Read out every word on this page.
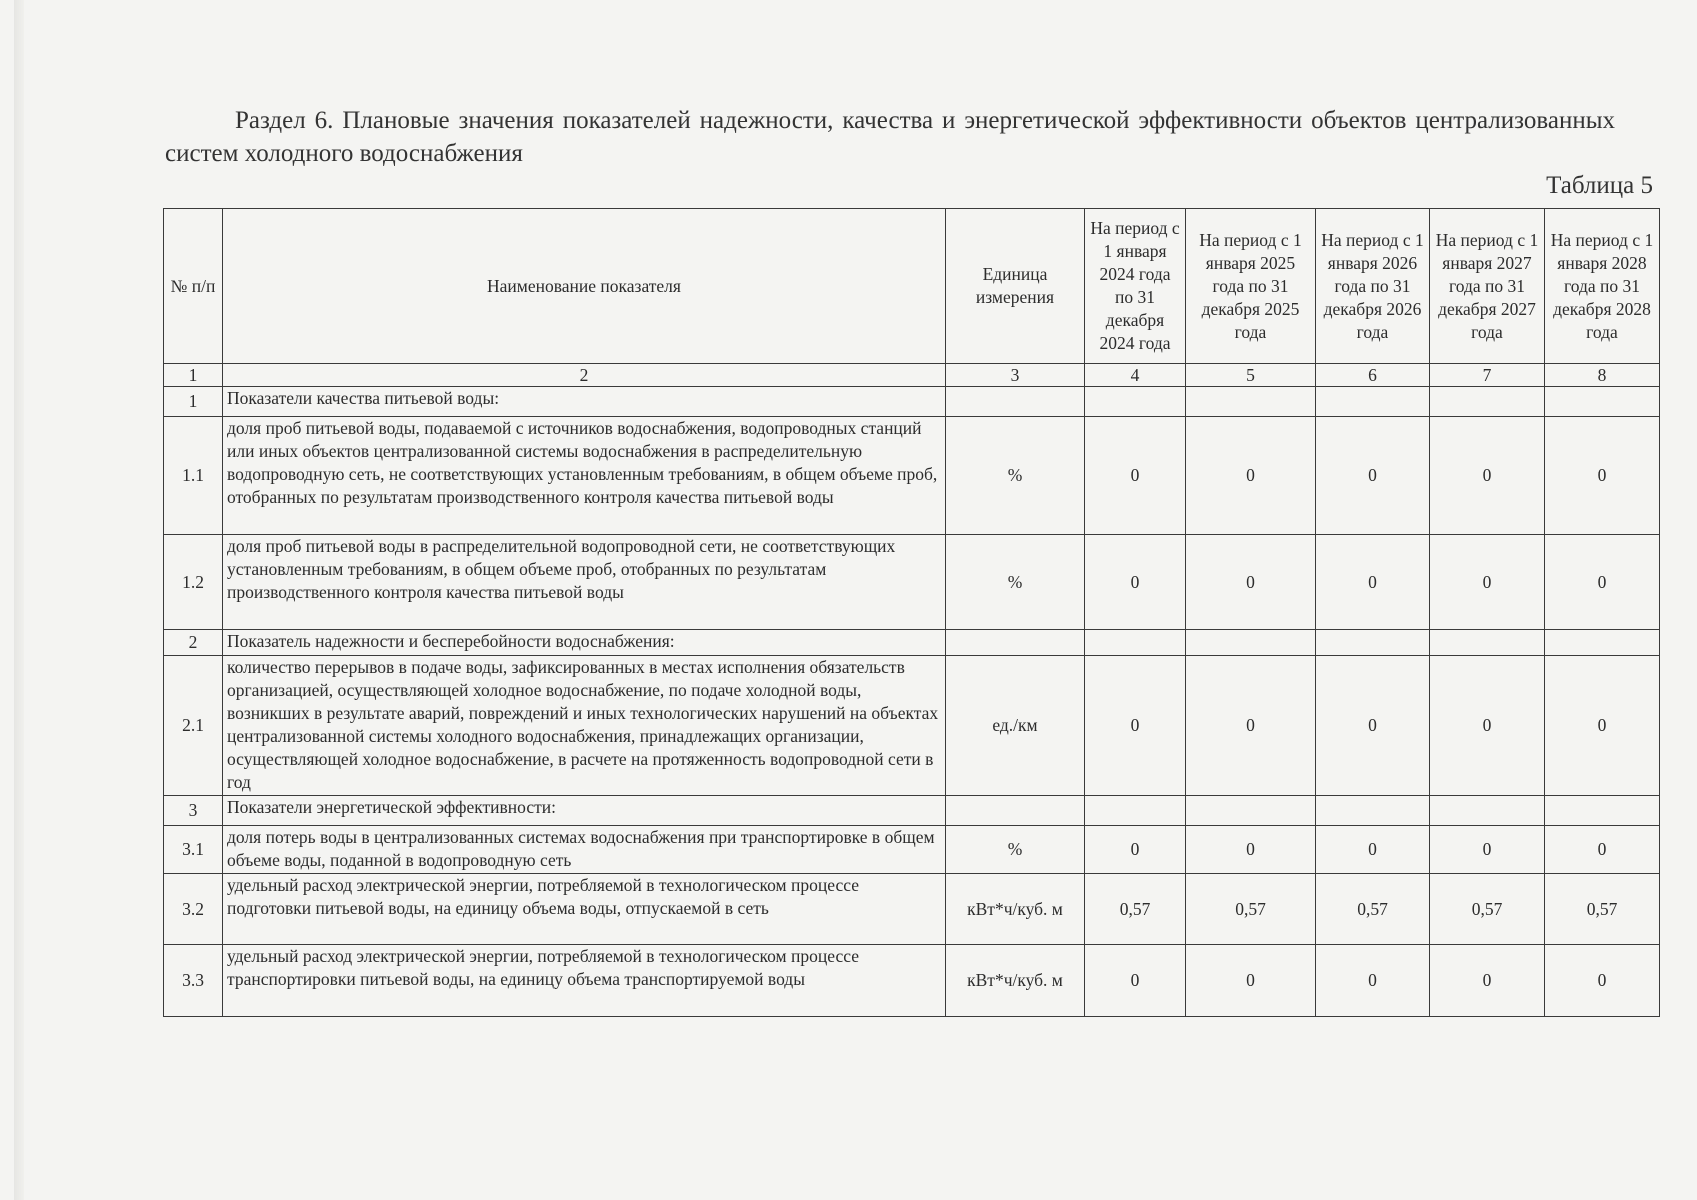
Раздел 6. Плановые значения показателей надежности, качества и энергетической эффективности объектов централизованных систем холодного водоснабжения
Таблица 5
№ п/п	Наименование показателя	Единица измерения	На период с 1 января 2024 года по 31 декабря 2024 года	На период с 1 января 2025 года по 31 декабря 2025 года	На период с 1 января 2026 года по 31 декабря 2026 года	На период с 1 января 2027 года по 31 декабря 2027 года	На период с 1 января 2028 года по 31 декабря 2028 года
1	2	3	4	5	6	7	8
1	Показатели качества питьевой воды:						
1.1	доля проб питьевой воды, подаваемой с источников водоснабжения, водопроводных станций или иных объектов централизованной системы водоснабжения в распределительную водопроводную сеть, не соответствующих установленным требованиям, в общем объеме проб, отобранных по результатам производственного контроля качества питьевой воды	%	0	0	0	0	0
1.2	доля проб питьевой воды в распределительной водопроводной сети, не соответствующих установленным требованиям, в общем объеме проб, отобранных по результатам производственного контроля качества питьевой воды	%	0	0	0	0	0
2	Показатель надежности и бесперебойности водоснабжения:						
2.1	количество перерывов в подаче воды, зафиксированных в местах исполнения обязательств организацией, осуществляющей холодное водоснабжение, по подаче холодной воды, возникших в результате аварий, повреждений и иных технологических нарушений на объектах централизованной системы холодного водоснабжения, принадлежащих организации, осуществляющей холодное водоснабжение, в расчете на протяженность водопроводной сети в год	ед./км	0	0	0	0	0
3	Показатели энергетической эффективности:						
3.1	доля потерь воды в централизованных системах водоснабжения при транспортировке в общем объеме воды, поданной в водопроводную сеть	%	0	0	0	0	0
3.2	удельный расход электрической энергии, потребляемой в технологическом процессе подготовки питьевой воды, на единицу объема воды, отпускаемой в сеть	кВт*ч/куб. м	0,57	0,57	0,57	0,57	0,57
3.3	удельный расход электрической энергии, потребляемой в технологическом процессе транспортировки питьевой воды, на единицу объема транспортируемой воды	кВт*ч/куб. м	0	0	0	0	0
